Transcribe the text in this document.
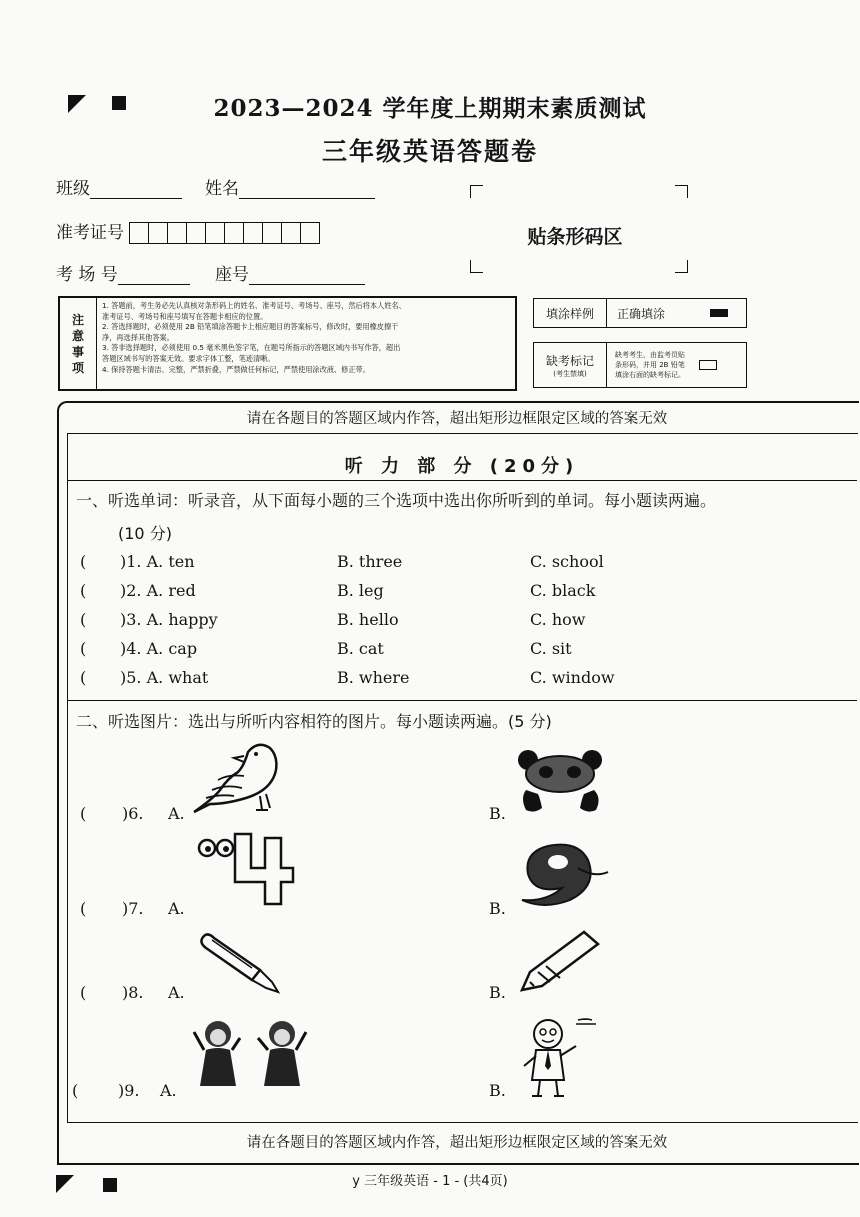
2023—2024 学年度上期期末素质测试
三年级英语答题卷
班级	姓名
准考证号
考 场 号	座号
贴条形码区
注
意
事
项
1. 答题前，考生务必先认真核对条形码上的姓名、准考证号、考场号、座号，然后将本人姓名、
准考证号、考场号和座号填写在答题卡相应的位置。
2. 答选择题时，必须使用 2B 铅笔填涂答题卡上相应题目的答案标号，修改时，要用橡皮擦干
净，再选择其他答案。
3. 答非选择题时，必须使用 0.5 毫米黑色签字笔，在题号所指示的答题区域内书写作答，超出
答题区域书写的答案无效。要求字体工整，笔迹清晰。
4. 保持答题卡清洁、完整，严禁折叠，严禁做任何标记，严禁使用涂改液、修正带。
填涂样例	正确填涂
缺考标记
(考生禁填)
缺考考生，由监考员贴
条形码，并用 2B 铅笔
填涂右面的缺考标记。
请在各题目的答题区域内作答，超出矩形边框限定区域的答案无效
听 力 部 分 (20分)
一、听选单词：听录音，从下面每小题的三个选项中选出你所听到的单词。每小题读两遍。
(10 分)
( )1. A. ten	B. three	C. school
( )2. A. red	B. leg	C. black
( )3. A. happy	B. hello	C. how
( )4. A. cap	B. cat	C. sit
( )5. A. what	B. where	C. window
二、听选图片：选出与所听内容相符的图片。每小题读两遍。(5 分)
( )6. A.	B.
( )7. A.	B.
( )8. A.	B.
( )9. A.	B.
请在各题目的答题区域内作答，超出矩形边框限定区域的答案无效
y 三年级英语 - 1 - (共4页)
